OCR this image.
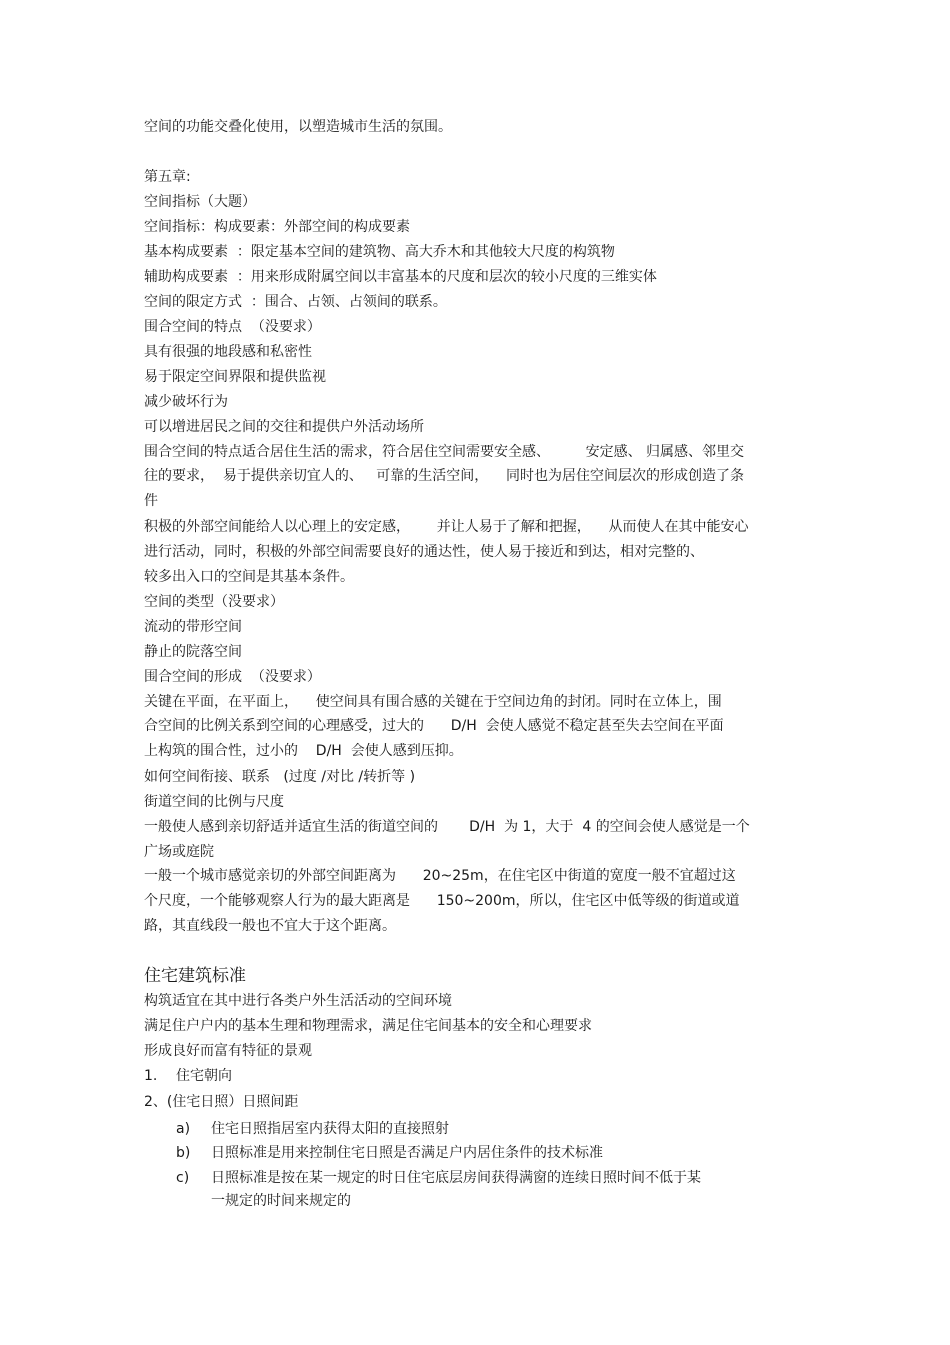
空间的功能交叠化使用，以塑造城市生活的氛围。
第五章:
空间指标（大题）
空间指标：构成要素：外部空间的构成要素
基本构成要素  ：限定基本空间的建筑物、高大乔木和其他较大尺度的构筑物
辅助构成要素  ：用来形成附属空间以丰富基本的尺度和层次的较小尺度的三维实体
空间的限定方式  ：围合、占领、占领间的联系。
围合空间的特点  （没要求）
具有很强的地段感和私密性
易于限定空间界限和提供监视
减少破坏行为
可以增进居民之间的交往和提供户外活动场所
围合空间的特点适合居住生活的需求，符合居住空间需要安全感、        安定感、 归属感、邻里交
往的要求，  易于提供亲切宜人的、   可靠的生活空间，    同时也为居住空间层次的形成创造了条
件
积极的外部空间能给人以心理上的安定感，      并让人易于了解和把握，    从而使人在其中能安心
进行活动，同时，积极的外部空间需要良好的通达性，使人易于接近和到达，相对完整的、
较多出入口的空间是其基本条件。
空间的类型（没要求）
流动的带形空间
静止的院落空间
围合空间的形成  （没要求）
关键在平面，在平面上，    使空间具有围合感的关键在于空间边角的封闭。同时在立体上，围
合空间的比例关系到空间的心理感受，过大的      D/H  会使人感觉不稳定甚至失去空间在平面
上构筑的围合性，过小的    D/H  会使人感到压抑。
如何空间衔接、联系   (过度 /对比 /转折等 )
街道空间的比例与尺度
一般使人感到亲切舒适并适宜生活的街道空间的       D/H  为 1，大于  4 的空间会使人感觉是一个
广场或庭院
一般一个城市感觉亲切的外部空间距离为      20~25m，在住宅区中街道的宽度一般不宜超过这
个尺度，一个能够观察人行为的最大距离是      150~200m，所以，住宅区中低等级的街道或道
路，其直线段一般也不宜大于这个距离。
住宅建筑标准
构筑适宜在其中进行各类户外生活活动的空间环境
满足住户户内的基本生理和物理需求，满足住宅间基本的安全和心理要求
形成良好而富有特征的景观
1. 住宅朝向
2、(住宅日照）日照间距
a) 住宅日照指居室内获得太阳的直接照射
b) 日照标准是用来控制住宅日照是否满足户内居住条件的技术标准
c) 日照标准是按在某一规定的时日住宅底层房间获得满窗的连续日照时间不低于某
一规定的时间来规定的
